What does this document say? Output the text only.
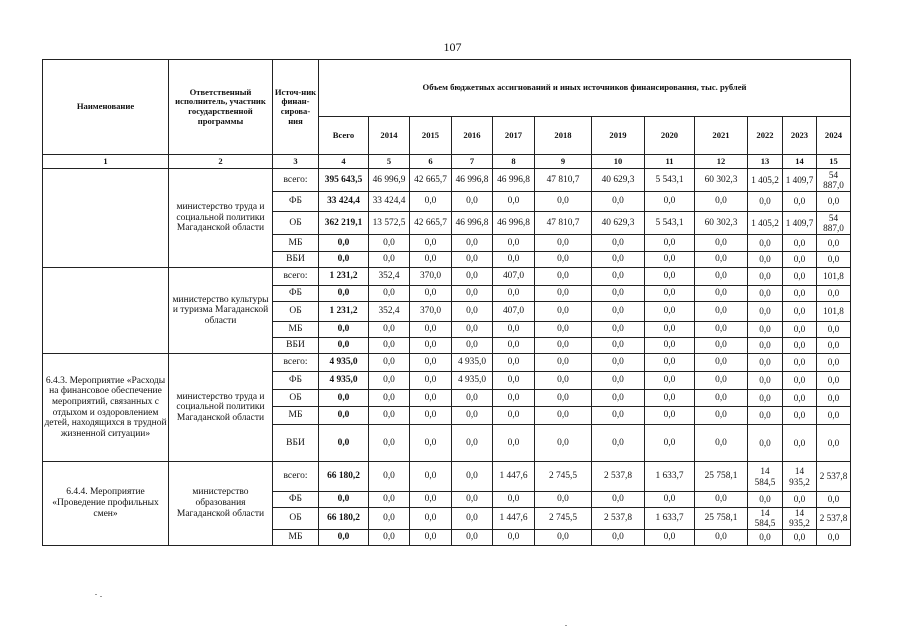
107
Наименование	Ответственный исполнитель, участник государственной программы	Источ-ник финан-сирова-ния	Объем бюджетных ассигнований и иных источников финансирования, тыс. рублей											
			Всего	2014	2015	2016	2017	2018	2019	2020	2021	2022	2023	2024
1	2	3	4	5	6	7	8	9	10	11	12	13	14	15
	министерство труда и социальной политики Магаданской области	всего:	395 643,5	46 996,9	42 665,7	46 996,8	46 996,8	47 810,7	40 629,3	5 543,1	60 302,3	1 405,2	1 409,7	54 887,0
		ФБ	33 424,4	33 424,4	0,0	0,0	0,0	0,0	0,0	0,0	0,0	0,0	0,0	0,0
		ОБ	362 219,1	13 572,5	42 665,7	46 996,8	46 996,8	47 810,7	40 629,3	5 543,1	60 302,3	1 405,2	1 409,7	54 887,0
		МБ	0,0	0,0	0,0	0,0	0,0	0,0	0,0	0,0	0,0	0,0	0,0	0,0
		ВБИ	0,0	0,0	0,0	0,0	0,0	0,0	0,0	0,0	0,0	0,0	0,0	0,0
	министерство культуры и туризма Магаданской области	всего:	1 231,2	352,4	370,0	0,0	407,0	0,0	0,0	0,0	0,0	0,0	0,0	101,8
		ФБ	0,0	0,0	0,0	0,0	0,0	0,0	0,0	0,0	0,0	0,0	0,0	0,0
		ОБ	1 231,2	352,4	370,0	0,0	407,0	0,0	0,0	0,0	0,0	0,0	0,0	101,8
		МБ	0,0	0,0	0,0	0,0	0,0	0,0	0,0	0,0	0,0	0,0	0,0	0,0
		ВБИ	0,0	0,0	0,0	0,0	0,0	0,0	0,0	0,0	0,0	0,0	0,0	0,0
6.4.3. Мероприятие «Расходы на финансовое обеспечение мероприятий, связанных с отдыхом и оздоровлением детей, находящихся в трудной жизненной ситуации»	министерство труда и социальной политики Магаданской области	всего:	4 935,0	0,0	0,0	4 935,0	0,0	0,0	0,0	0,0	0,0	0,0	0,0	0,0
		ФБ	4 935,0	0,0	0,0	4 935,0	0,0	0,0	0,0	0,0	0,0	0,0	0,0	0,0
		ОБ	0,0	0,0	0,0	0,0	0,0	0,0	0,0	0,0	0,0	0,0	0,0	0,0
		МБ	0,0	0,0	0,0	0,0	0,0	0,0	0,0	0,0	0,0	0,0	0,0	0,0
		ВБИ	0,0	0,0	0,0	0,0	0,0	0,0	0,0	0,0	0,0	0,0	0,0	0,0
6.4.4. Мероприятие «Проведение профильных смен»	министерство образования Магаданской области	всего:	66 180,2	0,0	0,0	0,0	1 447,6	2 745,5	2 537,8	1 633,7	25 758,1	14 584,5	14 935,2	2 537,8
		ФБ	0,0	0,0	0,0	0,0	0,0	0,0	0,0	0,0	0,0	0,0	0,0	0,0
		ОБ	66 180,2	0,0	0,0	0,0	1 447,6	2 745,5	2 537,8	1 633,7	25 758,1	14 584,5	14 935,2	2 537,8
		МБ	0,0	0,0	0,0	0,0	0,0	0,0	0,0	0,0	0,0	0,0	0,0	0,0
